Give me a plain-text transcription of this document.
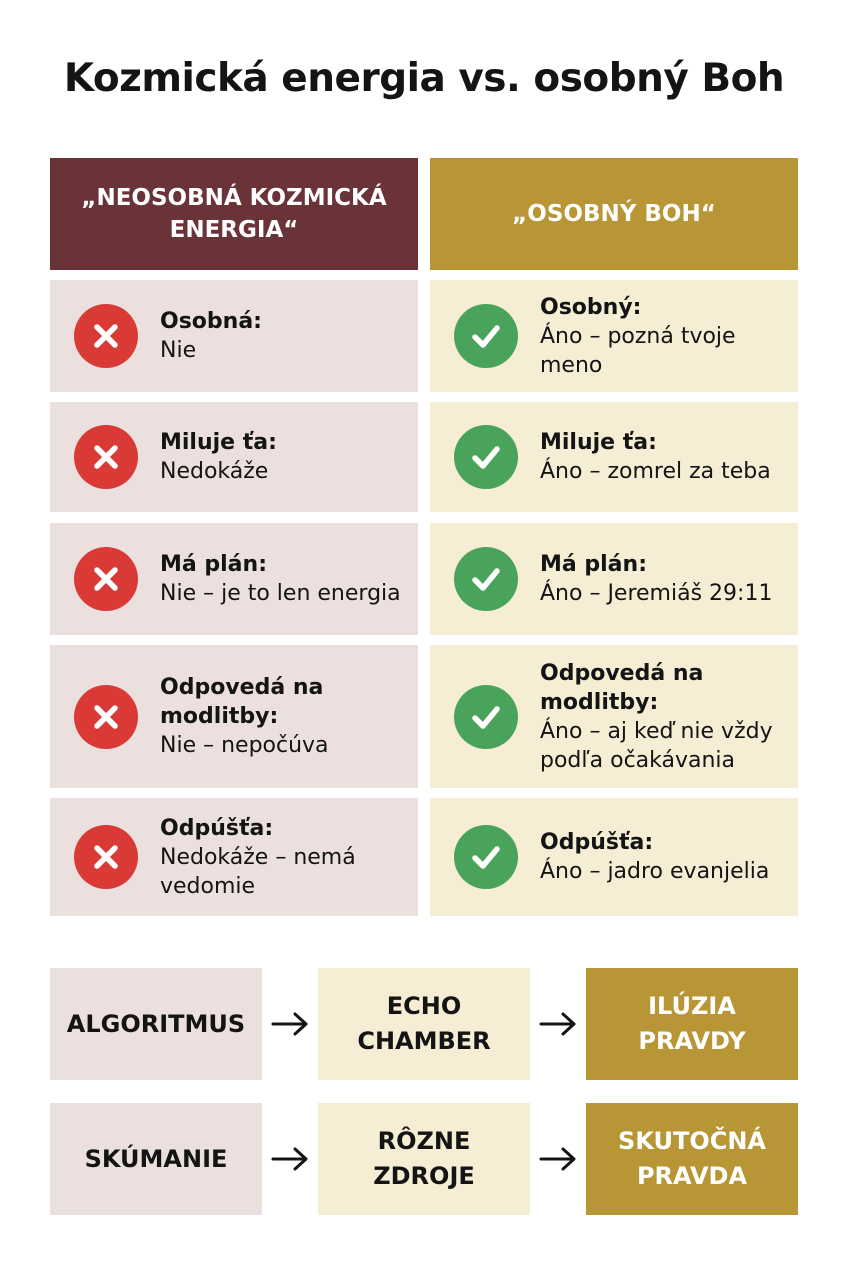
Kozmická energia vs. osobný Boh
„NEOSOBNÁ KOZMICKÁ ENERGIA“
„OSOBNÝ BOH“
Osobná:
Nie
Osobný:
Áno – pozná tvoje meno
Miluje ťa:
Nedokáže
Miluje ťa:
Áno – zomrel za teba
Má plán:
Nie – je to len energia
Má plán:
Áno – Jeremiáš 29:11
Odpovedá na modlitby:
Nie – nepočúva
Odpovedá na modlitby:
Áno – aj keď nie vždy podľa očakávania
Odpúšťa:
Nedokáže – nemá vedomie
Odpúšťa:
Áno – jadro evanjelia
ALGORITMUS
ECHO CHAMBER
ILÚZIA PRAVDY
SKÚMANIE
RÔZNE ZDROJE
SKUTOČNÁ PRAVDA
